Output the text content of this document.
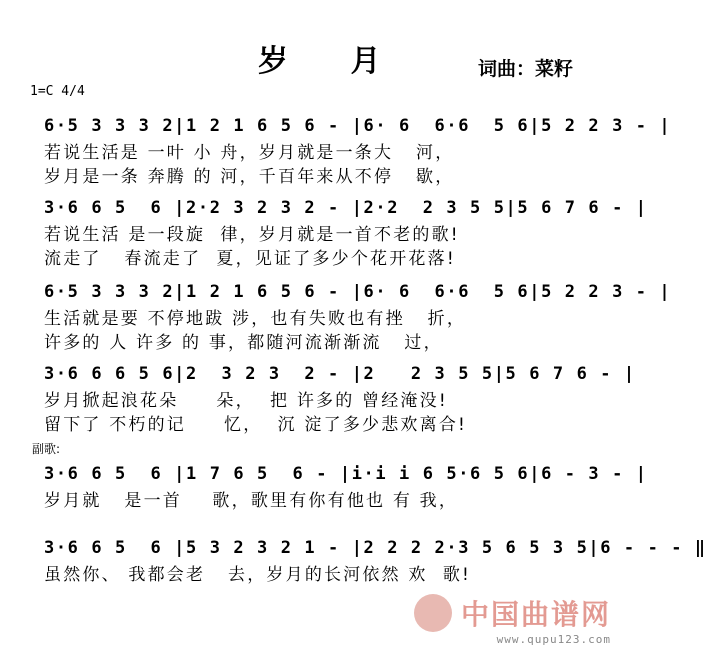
岁 月	词曲：菜籽
1=C 4/4
副歌:
6·5 3 3 3 2|1 2 1 6 5 6 - |6· 6  6·6  5 6|5 2 2 3 - |
若说生活是 一叶 小 舟，岁月就是一条大   河，
岁月是一条 奔腾 的 河，千百年来从不停   歇，
3·6 6 5  6 |2·2 3 2 3 2 - |2·2  2 3 5 5|5 6 7 6 - |
若说生活 是一段旋  律，岁月就是一首不老的歌!
流走了   春流走了  夏，见证了多少个花开花落!
6·5 3 3 3 2|1 2 1 6 5 6 - |6· 6  6·6  5 6|5 2 2 3 - |
生活就是要 不停地跋 涉，也有失败也有挫   折，
许多的 人 许多 的 事，都随河流渐渐流   过，
3·6 6 6 5 6|2  3 2 3  2 - |2   2 3 5 5|5 6 7 6 - |
岁月掀起浪花朵     朵，  把 许多的 曾经淹没!
留下了 不朽的记     忆，  沉 淀了多少悲欢离合!
3·6 6 5  6 |1 7 6 5  6 - |i·i i 6 5·6 5 6|6 - 3 - |
岁月就   是一首    歌，歌里有你有他也 有 我，
3·6 6 5  6 |5 3 2 3 2 1 - |2 2 2 2·3 5 6 5 3 5|6 - - - ‖
虽然你、 我都会老   去，岁月的长河依然 欢  歌!
中国曲谱网
www.qupu123.com
